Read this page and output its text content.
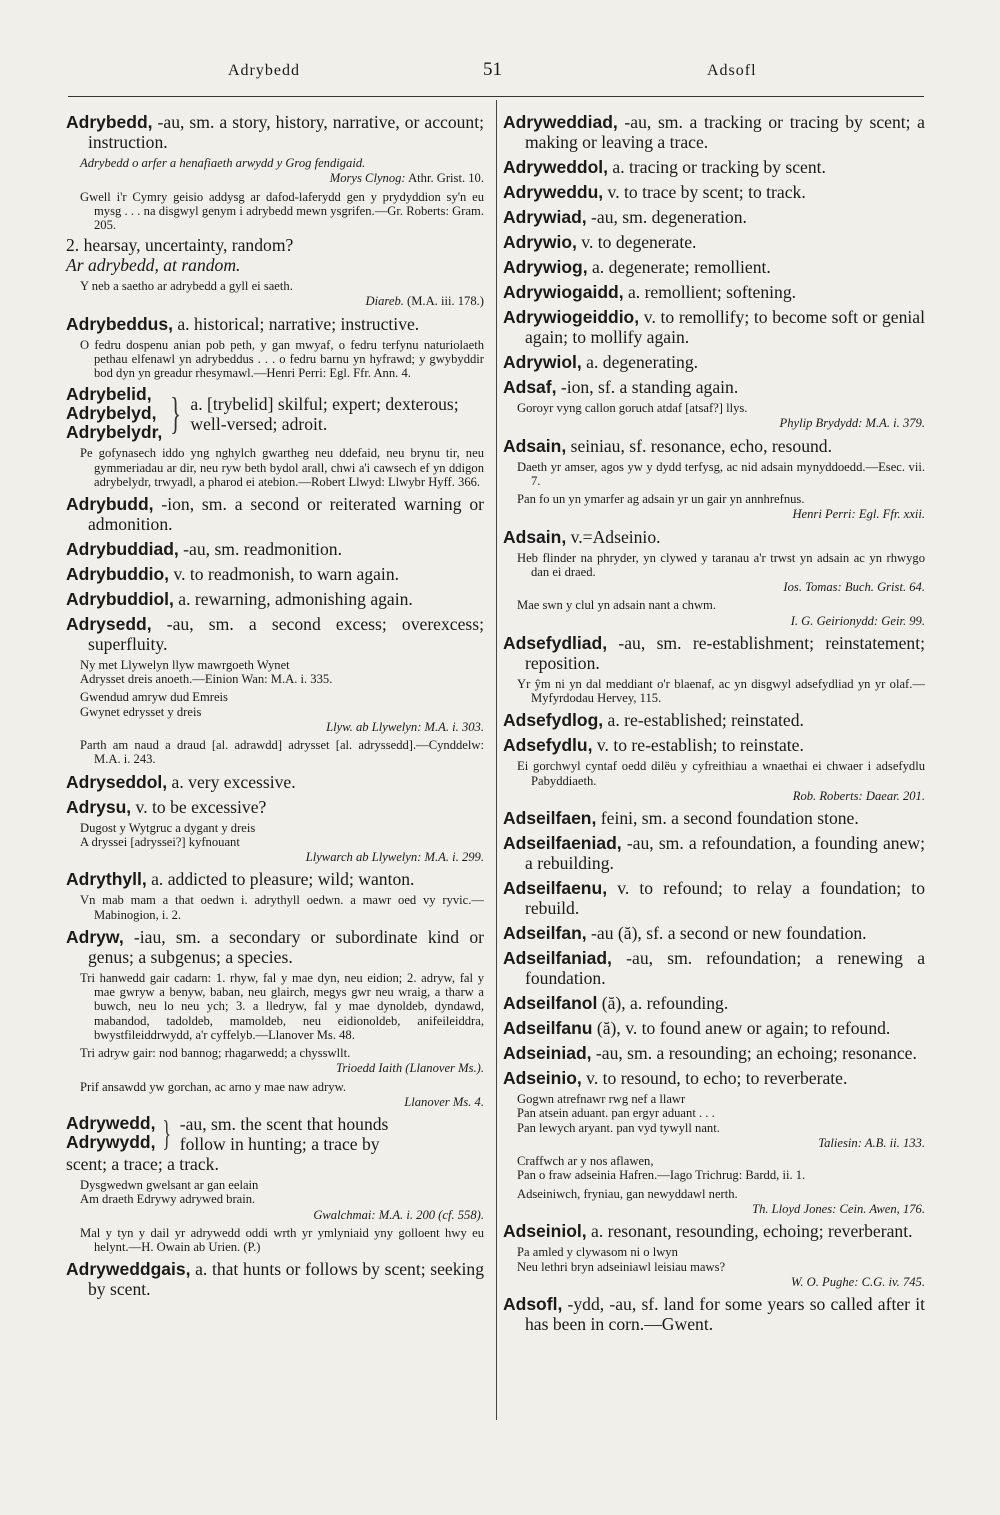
Adrybedd	51	Adsofl

Adrybedd, -au, sm. a story, history, narrative, or account; instruction.

Adrybedd o arfer a henafiaeth arwydd y Grog fendigaid.

Morys Clynog: Athr. Grist. 10.

Gwell i'r Cymry geisio addysg ar dafod-laferydd gen y prydyddion sy'n eu mysg . . . na disgwyl genym i adrybedd mewn ysgrifen.—Gr. Roberts: Gram. 205.

2. hearsay, uncertainty, random?

Ar adrybedd, at random.

Y neb a saetho ar adrybedd a gyll ei saeth.

Diareb. (M.A. iii. 178.)

Adrybeddus, a. historical; narrative; instructive.

O fedru dospenu anian pob peth, y gan mwyaf, o fedru terfynu naturiolaeth pethau elfenawl yn adrybeddus . . . o fedru barnu yn hyfrawd; y gwybyddir bod dyn yn greadur rhesymawl.—Henri Perri: Egl. Ffr. Ann. 4.

Adrybelid,
Adrybelyd,
Adrybelydr, } a. [trybelid] skilful; expert; dexterous; well-versed; adroit.

Pe gofynasech iddo yng nghylch gwartheg neu ddefaid, neu brynu tir, neu gymmeriadau ar dir, neu ryw beth bydol arall, chwi a'i cawsech ef yn ddigon adrybelydr, trwyadl, a pharod ei atebion.—Robert Llwyd: Llwybr Hyff. 366.

Adrybudd, -ion, sm. a second or reiterated warning or admonition.

Adrybuddiad, -au, sm. readmonition.

Adrybuddio, v. to readmonish, to warn again.

Adrybuddiol, a. rewarning, admonishing again.

Adrysedd, -au, sm. a second excess; overexcess; superfluity.

Ny met Llywelyn llyw mawrgoeth Wynet

Adrysset dreis anoeth.—Einion Wan: M.A. i. 335.

Gwendud amryw dud Emreis

Gwynet edrysset y dreis

Llyw. ab Llywelyn: M.A. i. 303.

Parth am naud a draud [al. adrawdd] adrysset [al. adryssedd].—Cynddelw: M.A. i. 243.

Adryseddol, a. very excessive.

Adrysu, v. to be excessive?

Dugost y Wytgruc a dygant y dreis

A dryssei [adryssei?] kyfnouant

Llywarch ab Llywelyn: M.A. i. 299.

Adrythyll, a. addicted to pleasure; wild; wanton.

Vn mab mam a that oedwn i. adrythyll oedwn. a mawr oed vy ryvic.—Mabinogion, i. 2.

Adryw, -iau, sm. a secondary or subordinate kind or genus; a subgenus; a species.

Tri hanwedd gair cadarn: 1. rhyw, fal y mae dyn, neu eidion; 2. adryw, fal y mae gwryw a benyw, baban, neu glairch, megys gwr neu wraig, a tharw a buwch, neu lo neu ych; 3. a lledryw, fal y mae dynoldeb, dyndawd, mabandod, tadoldeb, mamoldeb, neu eidionoldeb, anifeileiddra, bwystfileiddrwydd, a'r cyffelyb.—Llanover Ms. 48.

Tri adryw gair: nod bannog; rhagarwedd; a chysswllt.

Trioedd Iaith (Llanover Ms.).

Prif ansawdd yw gorchan, ac arno y mae naw adryw.

Llanover Ms. 4.

Adrywedd,
Adrywydd, } -au, sm. the scent that hounds
follow in hunting; a trace by

scent; a trace; a track.

Dysgwedwn gwelsant ar gan eelain

Am draeth Edrywy adrywed brain.

Gwalchmai: M.A. i. 200 (cf. 558).

Mal y tyn y dail yr adrywedd oddi wrth yr ymlyniaid yny golloent hwy eu helynt.—H. Owain ab Urien. (P.)

Adryweddgais, a. that hunts or follows by scent; seeking by scent.

Adryweddiad, -au, sm. a tracking or tracing by scent; a making or leaving a trace.

Adryweddol, a. tracing or tracking by scent.

Adryweddu, v. to trace by scent; to track.

Adrywiad, -au, sm. degeneration.

Adrywio, v. to degenerate.

Adrywiog, a. degenerate; remollient.

Adrywiogaidd, a. remollient; softening.

Adrywiogeiddio, v. to remollify; to become soft or genial again; to mollify again.

Adrywiol, a. degenerating.

Adsaf, -ion, sf. a standing again.

Goroyr vyng callon goruch atdaf [atsaf?] llys.

Phylip Brydydd: M.A. i. 379.

Adsain, seiniau, sf. resonance, echo, resound.

Daeth yr amser, agos yw y dydd terfysg, ac nid adsain mynyddoedd.—Esec. vii. 7.

Pan fo un yn ymarfer ag adsain yr un gair yn annhrefnus.

Henri Perri: Egl. Ffr. xxii.

Adsain, v.=Adseinio.

Heb flinder na phryder, yn clywed y taranau a'r trwst yn adsain ac yn rhwygo dan ei draed.

Ios. Tomas: Buch. Grist. 64.

Mae swn y clul yn adsain nant a chwm.

I. G. Geirionydd: Geir. 99.

Adsefydliad, -au, sm. re-establishment; reinstatement; reposition.

Yr ŷm ni yn dal meddiant o'r blaenaf, ac yn disgwyl adsefydliad yn yr olaf.—Myfyrdodau Hervey, 115.

Adsefydlog, a. re-established; reinstated.

Adsefydlu, v. to re-establish; to reinstate.

Ei gorchwyl cyntaf oedd dilëu y cyfreithiau a wnaethai ei chwaer i adsefydlu Pabyddiaeth.

Rob. Roberts: Daear. 201.

Adseilfaen, feini, sm. a second foundation stone.

Adseilfaeniad, -au, sm. a refoundation, a founding anew; a rebuilding.

Adseilfaenu, v. to refound; to relay a foundation; to rebuild.

Adseilfan, -au (ă), sf. a second or new foundation.

Adseilfaniad, -au, sm. refoundation; a renewing a foundation.

Adseilfanol (ă), a. refounding.

Adseilfanu (ă), v. to found anew or again; to refound.

Adseiniad, -au, sm. a resounding; an echoing; resonance.

Adseinio, v. to resound, to echo; to reverberate.

Gogwn atrefnawr rwg nef a llawr

Pan atsein aduant. pan ergyr aduant . . .

Pan lewych aryant. pan vyd tywyll nant.

Taliesin: A.B. ii. 133.

Craffwch ar y nos aflawen,

Pan o fraw adseinia Hafren.—Iago Trichrug: Bardd, ii. 1.

Adseiniwch, fryniau, gan newyddawl nerth.

Th. Lloyd Jones: Cein. Awen, 176.

Adseiniol, a. resonant, resounding, echoing; reverberant.

Pa amled y clywasom ni o lwyn

Neu lethri bryn adseiniawl leisiau maws?

W. O. Pughe: C.G. iv. 745.

Adsofl, -ydd, -au, sf. land for some years so called after it has been in corn.—Gwent.
